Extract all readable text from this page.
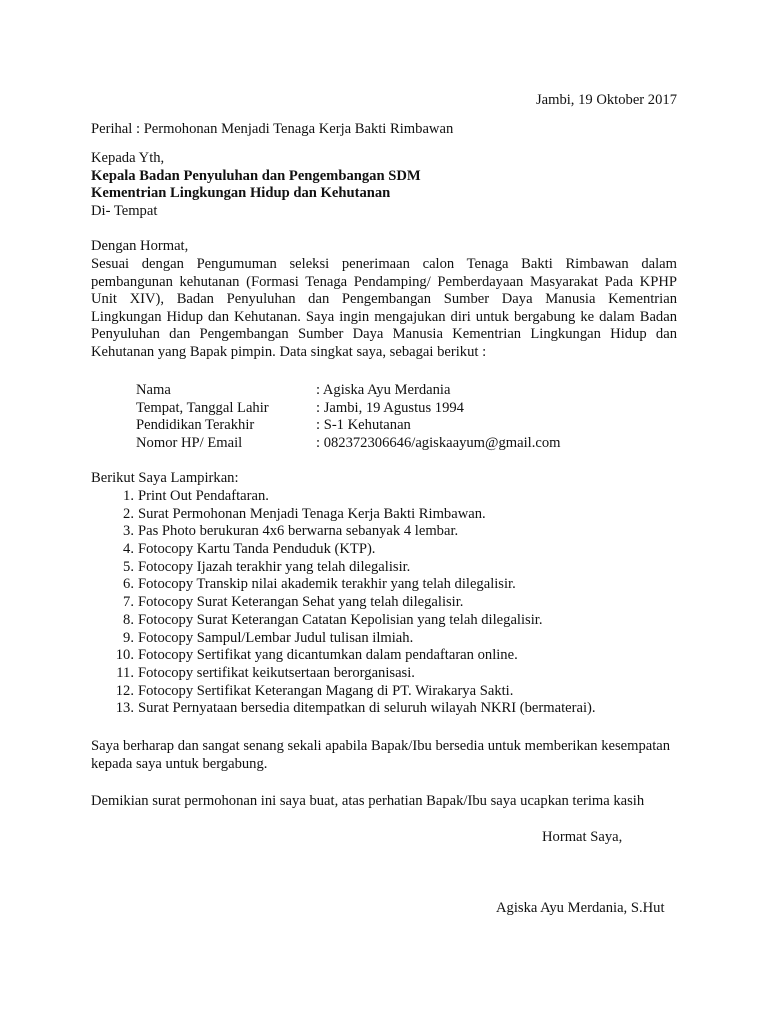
Jambi, 19 Oktober 2017
Perihal : Permohonan Menjadi Tenaga Kerja Bakti Rimbawan
Kepada Yth,
Kepala Badan Penyuluhan dan Pengembangan SDM
Kementrian Lingkungan Hidup dan Kehutanan
Di- Tempat
Dengan Hormat,
Sesuai dengan Pengumuman seleksi penerimaan calon Tenaga Bakti Rimbawan dalam
pembangunan kehutanan (Formasi Tenaga Pendamping/ Pemberdayaan Masyarakat Pada KPHP
Unit XIV), Badan Penyuluhan dan Pengembangan Sumber Daya Manusia Kementrian
Lingkungan Hidup dan Kehutanan. Saya ingin mengajukan diri untuk bergabung ke dalam Badan
Penyuluhan dan Pengembangan Sumber Daya Manusia Kementrian Lingkungan Hidup dan
Kehutanan yang Bapak pimpin. Data singkat saya, sebagai berikut :
Nama	: Agiska Ayu Merdania
Tempat, Tanggal Lahir	: Jambi, 19 Agustus 1994
Pendidikan Terakhir	: S-1 Kehutanan
Nomor HP/ Email	: 082372306646/agiskaayum@gmail.com
Berikut Saya Lampirkan:
1. Print Out Pendaftaran.
2. Surat Permohonan Menjadi Tenaga Kerja Bakti Rimbawan.
3. Pas Photo berukuran 4x6 berwarna sebanyak 4 lembar.
4. Fotocopy Kartu Tanda Penduduk (KTP).
5. Fotocopy Ijazah terakhir yang telah dilegalisir.
6. Fotocopy Transkip nilai akademik terakhir yang telah dilegalisir.
7. Fotocopy Surat Keterangan Sehat yang telah dilegalisir.
8. Fotocopy Surat Keterangan Catatan Kepolisian yang telah dilegalisir.
9. Fotocopy Sampul/Lembar Judul tulisan ilmiah.
10. Fotocopy Sertifikat yang dicantumkan dalam pendaftaran online.
11. Fotocopy sertifikat keikutsertaan berorganisasi.
12. Fotocopy Sertifikat Keterangan Magang di PT. Wirakarya Sakti.
13. Surat Pernyataan bersedia ditempatkan di seluruh wilayah NKRI (bermaterai).
Saya berharap dan sangat senang sekali apabila Bapak/Ibu bersedia untuk memberikan kesempatan
kepada saya untuk bergabung.
Demikian surat permohonan ini saya buat, atas perhatian Bapak/Ibu saya ucapkan terima kasih
Hormat Saya,
Agiska Ayu Merdania, S.Hut
